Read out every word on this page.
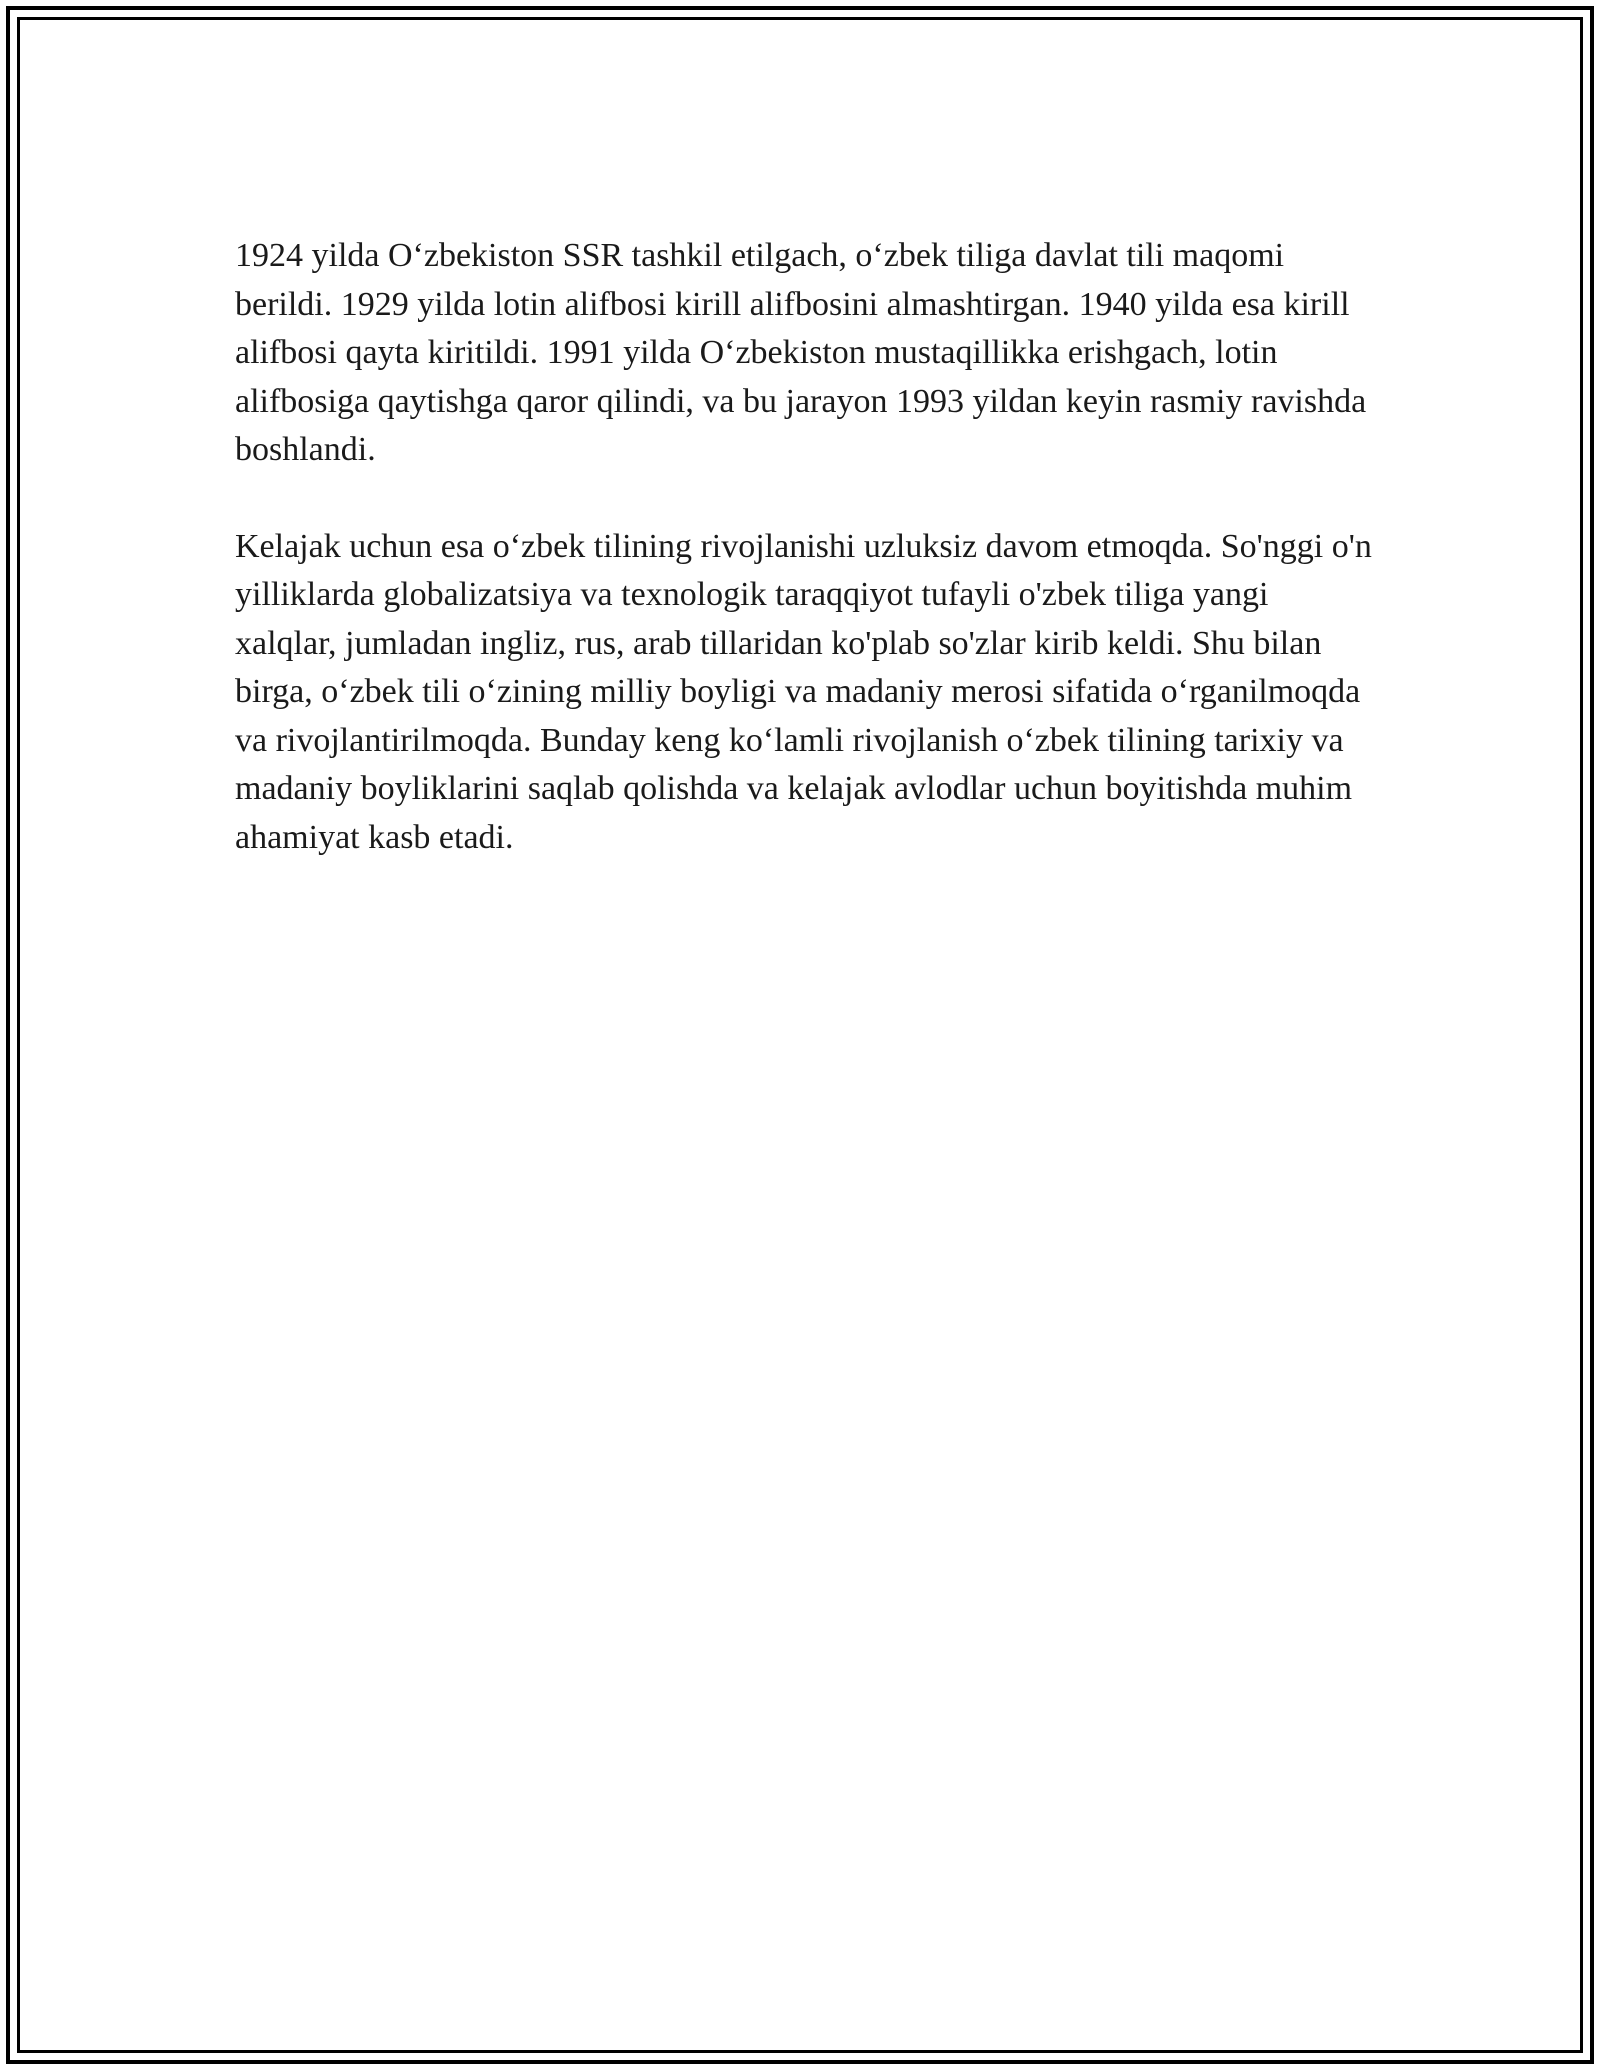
1924 yilda O‘zbekiston SSR tashkil etilgach, o‘zbek tiliga davlat tili maqomi berildi. 1929 yilda lotin alifbosi kirill alifbosini almashtirgan. 1940 yilda esa kirill alifbosi qayta kiritildi. 1991 yilda O‘zbekiston mustaqillikka erishgach, lotin alifbosiga qaytishga qaror qilindi, va bu jarayon 1993 yildan keyin rasmiy ravishda boshlandi.

Kelajak uchun esa o‘zbek tilining rivojlanishi uzluksiz davom etmoqda. So'nggi o'n yilliklarda globalizatsiya va texnologik taraqqiyot tufayli o'zbek tiliga yangi xalqlar, jumladan ingliz, rus, arab tillaridan ko'plab so'zlar kirib keldi. Shu bilan birga, o‘zbek tili o‘zining milliy boyligi va madaniy merosi sifatida o‘rganilmoqda va rivojlantirilmoqda. Bunday keng ko‘lamli rivojlanish o‘zbek tilining tarixiy va madaniy boyliklarini saqlab qolishda va kelajak avlodlar uchun boyitishda muhim ahamiyat kasb etadi.
